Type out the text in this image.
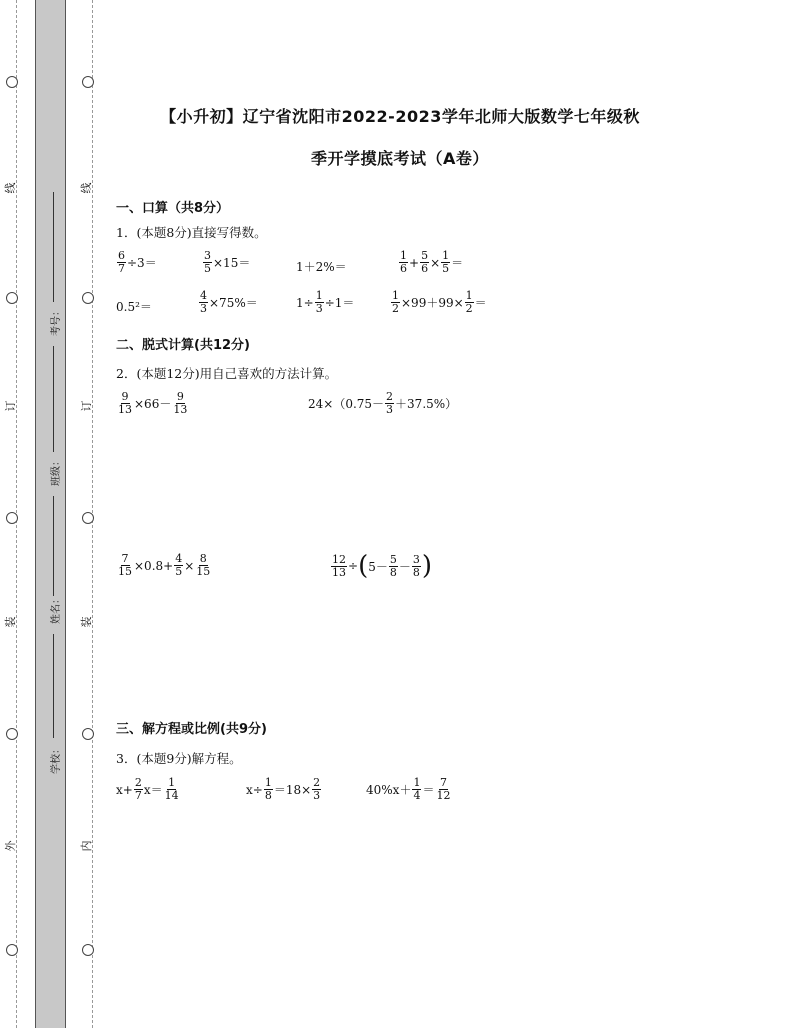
线
订
装
外
线
订
装
内
考号：
班级：
姓名：
学校：
【小升初】辽宁省沈阳市2022-2023学年北师大版数学七年级秋
季开学摸底考试（A卷）
一、口算（共8分）
1．(本题8分)直接写得数。
$\frac{6}{7} \div 3=$	$\frac{3}{5} \times 15=$	1＋2%＝
1
$6 + \frac{5}{6} \times \frac{1}{5}$ ＝
0.5²＝	$\frac{4}{3} \times 75\%=$	$1\div \frac{1}{3} \div 1=$	$\frac{1}{2} \times 99+99\times \frac{1}{2}$ ＝
二、脱式计算(共12分)
2．(本题12分)用自己喜欢的方法计算。
$\frac{9}{13} \times 66-$
9
13	24×（0.75－
2
3 ＋37.5%）
$\frac{7}{15} \times 0.8+ \frac{4}{5} \times \frac{8}{15}$	$\frac{12}{13}$ ÷ ( 5－
5
8 －
3
8 )
三、解方程或比例(共9分)
3．(本题9分)解方程。
$x+ \frac{2}{7} x=$
1
14	$x\div \frac{1}{8} =18\times \frac{2}{3}$	40%x＋
1
4 ＝
7
12
